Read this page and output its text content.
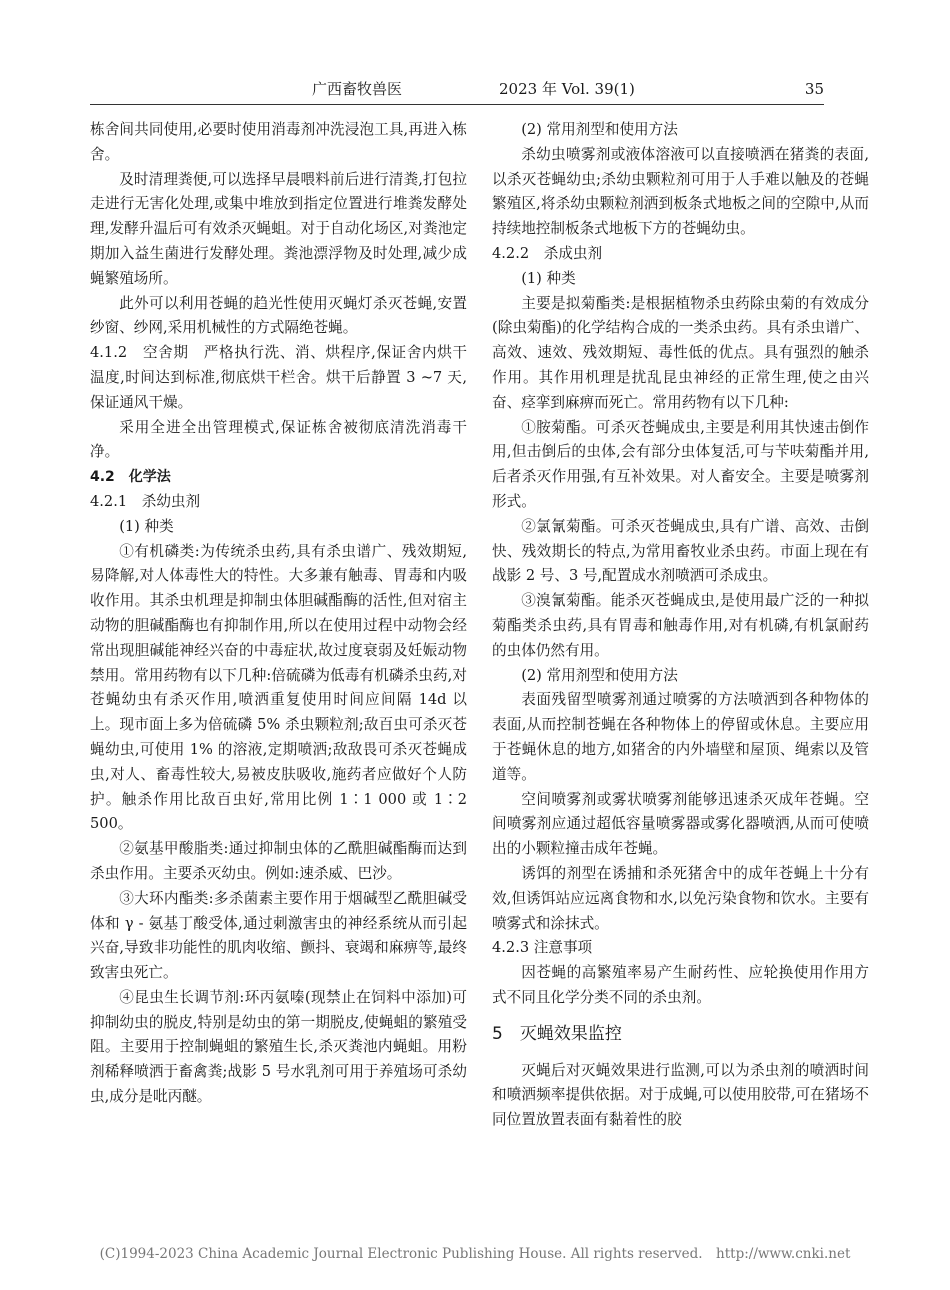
广西畜牧兽医	2023 年 Vol. 39(1)	35

栋舍间共同使用,必要时使用消毒剂冲洗浸泡工具,再进入栋舍。

及时清理粪便,可以选择早晨喂料前后进行清粪,打包拉走进行无害化处理,或集中堆放到指定位置进行堆粪发酵处理,发酵升温后可有效杀灭蝇蛆。对于自动化场区,对粪池定期加入益生菌进行发酵处理。粪池漂浮物及时处理,减少成蝇繁殖场所。

此外可以利用苍蝇的趋光性使用灭蝇灯杀灭苍蝇,安置纱窗、纱网,采用机械性的方式隔绝苍蝇。

4.1.2　空舍期　严格执行洗、消、烘程序,保证舍内烘干温度,时间达到标准,彻底烘干栏舍。烘干后静置 3 ~7 天,保证通风干燥。

采用全进全出管理模式,保证栋舍被彻底清洗消毒干净。

4.2　化学法

4.2.1　杀幼虫剂

(1) 种类

①有机磷类:为传统杀虫药,具有杀虫谱广、残效期短,易降解,对人体毒性大的特性。大多兼有触毒、胃毒和内吸收作用。其杀虫机理是抑制虫体胆碱酯酶的活性,但对宿主动物的胆碱酯酶也有抑制作用,所以在使用过程中动物会经常出现胆碱能神经兴奋的中毒症状,故过度衰弱及妊娠动物禁用。常用药物有以下几种:倍硫磷为低毒有机磷杀虫药,对苍蝇幼虫有杀灭作用,喷洒重复使用时间应间隔 14d 以上。现市面上多为倍硫磷 5% 杀虫颗粒剂;敌百虫可杀灭苍蝇幼虫,可使用 1% 的溶液,定期喷洒;敌敌畏可杀灭苍蝇成虫,对人、畜毒性较大,易被皮肤吸收,施药者应做好个人防护。触杀作用比敌百虫好,常用比例 1∶1 000 或 1∶2 500。

②氨基甲酸脂类:通过抑制虫体的乙酰胆碱酯酶而达到杀虫作用。主要杀灭幼虫。例如:速杀威、巴沙。

③大环内酯类:多杀菌素主要作用于烟碱型乙酰胆碱受体和 γ - 氨基丁酸受体,通过刺激害虫的神经系统从而引起兴奋,导致非功能性的肌肉收缩、颤抖、衰竭和麻痹等,最终致害虫死亡。

④昆虫生长调节剂:环丙氨嗪(现禁止在饲料中添加)可抑制幼虫的脱皮,特别是幼虫的第一期脱皮,使蝇蛆的繁殖受阻。主要用于控制蝇蛆的繁殖生长,杀灭粪池内蝇蛆。用粉剂稀释喷洒于畜禽粪;战影 5 号水乳剂可用于养殖场可杀幼虫,成分是吡丙醚。

(2) 常用剂型和使用方法

杀幼虫喷雾剂或液体溶液可以直接喷洒在猪粪的表面,以杀灭苍蝇幼虫;杀幼虫颗粒剂可用于人手难以触及的苍蝇繁殖区,将杀幼虫颗粒剂洒到板条式地板之间的空隙中,从而持续地控制板条式地板下方的苍蝇幼虫。

4.2.2　杀成虫剂

(1) 种类

主要是拟菊酯类:是根据植物杀虫药除虫菊的有效成分(除虫菊酯)的化学结构合成的一类杀虫药。具有杀虫谱广、高效、速效、残效期短、毒性低的优点。具有强烈的触杀作用。其作用机理是扰乱昆虫神经的正常生理,使之由兴奋、痉挛到麻痹而死亡。常用药物有以下几种:

①胺菊酯。可杀灭苍蝇成虫,主要是利用其快速击倒作用,但击倒后的虫体,会有部分虫体复活,可与苄呋菊酯并用,后者杀灭作用强,有互补效果。对人畜安全。主要是喷雾剂形式。

②氯氰菊酯。可杀灭苍蝇成虫,具有广谱、高效、击倒快、残效期长的特点,为常用畜牧业杀虫药。市面上现在有战影 2 号、3 号,配置成水剂喷洒可杀成虫。

③溴氰菊酯。能杀灭苍蝇成虫,是使用最广泛的一种拟菊酯类杀虫药,具有胃毒和触毒作用,对有机磷,有机氯耐药的虫体仍然有用。

(2) 常用剂型和使用方法

表面残留型喷雾剂通过喷雾的方法喷洒到各种物体的表面,从而控制苍蝇在各种物体上的停留或休息。主要应用于苍蝇休息的地方,如猪舍的内外墙壁和屋顶、绳索以及管道等。

空间喷雾剂或雾状喷雾剂能够迅速杀灭成年苍蝇。空间喷雾剂应通过超低容量喷雾器或雾化器喷洒,从而可使喷出的小颗粒撞击成年苍蝇。

诱饵的剂型在诱捕和杀死猪舍中的成年苍蝇上十分有效,但诱饵站应远离食物和水,以免污染食物和饮水。主要有喷雾式和涂抹式。

4.2.3 注意事项

因苍蝇的高繁殖率易产生耐药性、应轮换使用作用方式不同且化学分类不同的杀虫剂。

5　灭蝇效果监控

灭蝇后对灭蝇效果进行监测,可以为杀虫剂的喷洒时间和喷洒频率提供依据。对于成蝇,可以使用胶带,可在猪场不同位置放置表面有黏着性的胶

(C)1994-2023 China Academic Journal Electronic Publishing House. All rights reserved.　http://www.cnki.net
